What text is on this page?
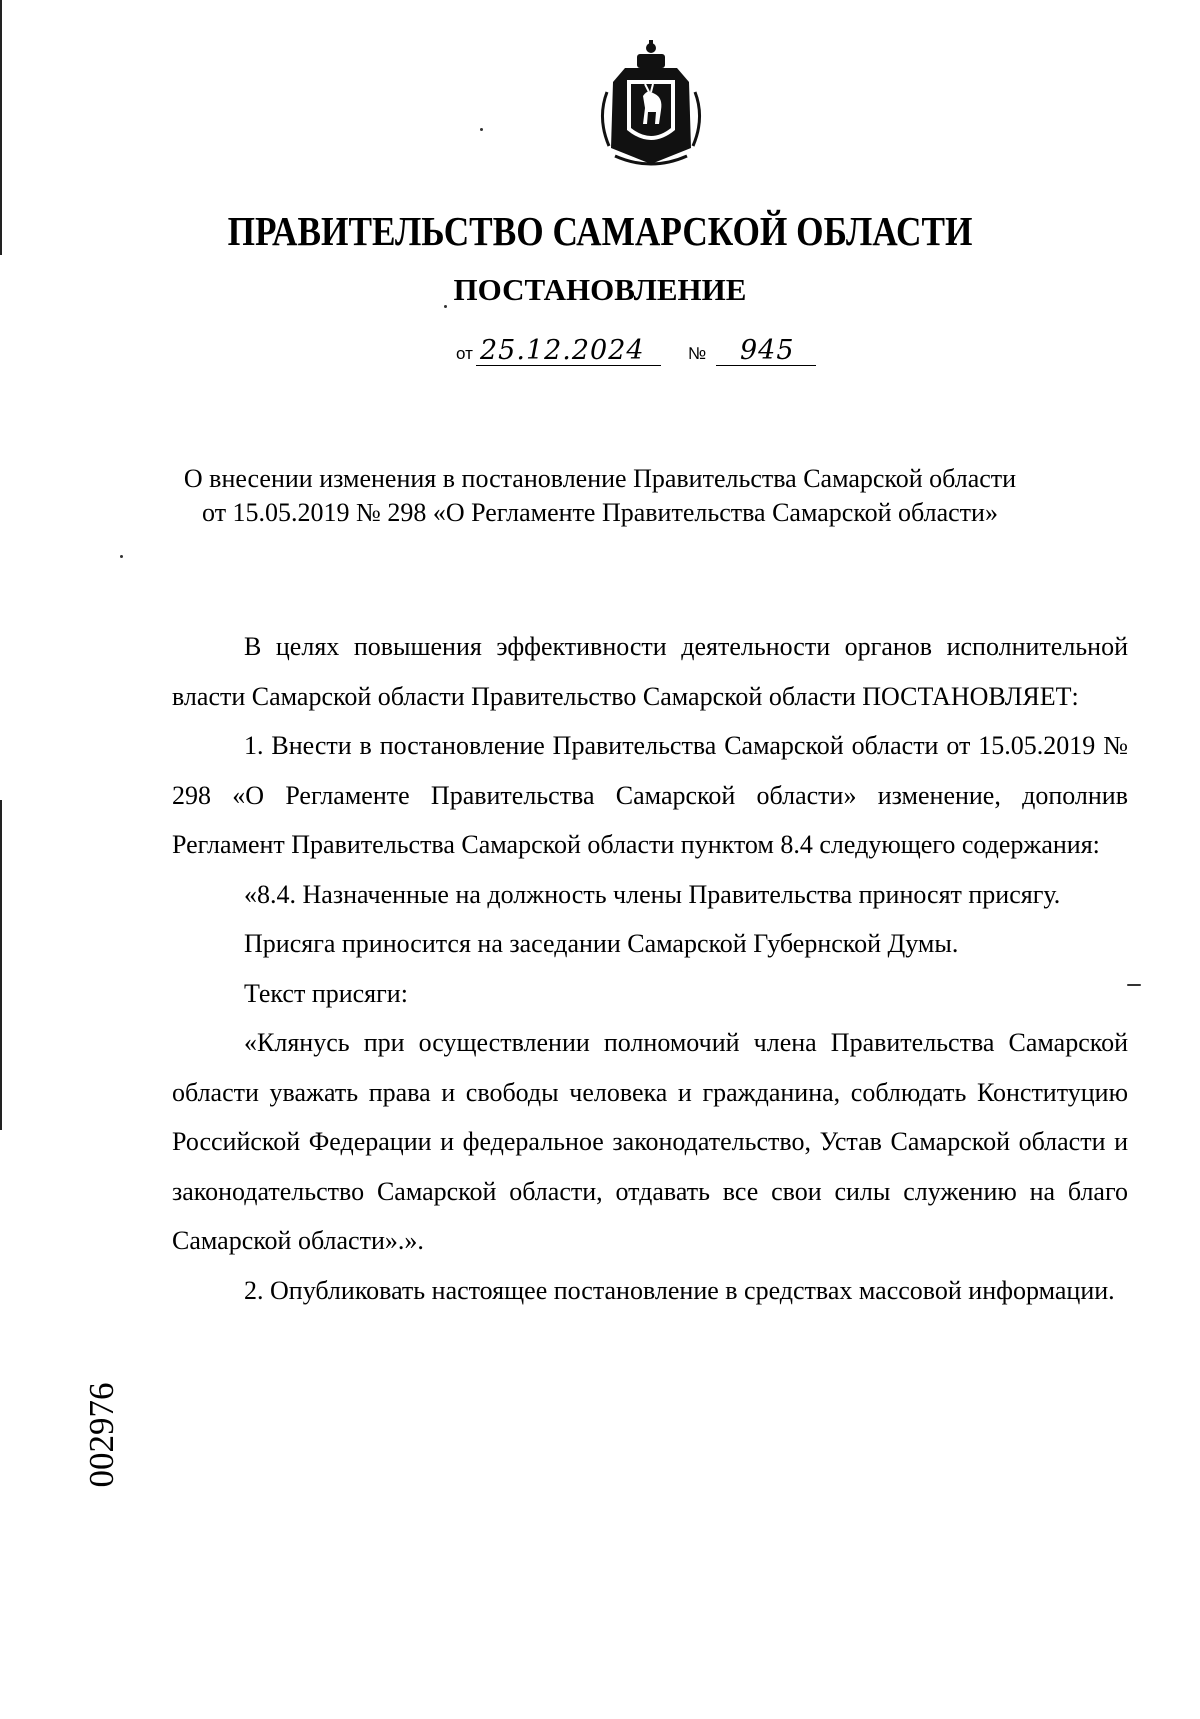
ПРАВИТЕЛЬСТВО САМАРСКОЙ ОБЛАСТИ
ПОСТАНОВЛЕНИЕ
от 25.12.2024	№ 945
О внесении изменения в постановление Правительства Самарской области
от 15.05.2019 № 298 «О Регламенте Правительства Самарской области»

В целях повышения эффективности деятельности органов исполнительной власти Самарской области Правительство Самарской области ПОСТАНОВЛЯЕТ:

1. Внести в постановление Правительства Самарской области от 15.05.2019 № 298 «О Регламенте Правительства Самарской области» изменение, дополнив Регламент Правительства Самарской области пунктом 8.4 следующего содержания:

«8.4. Назначенные на должность члены Правительства приносят присягу.

Присяга приносится на заседании Самарской Губернской Думы.

Текст присяги:

«Клянусь при осуществлении полномочий члена Правительства Самарской области уважать права и свободы человека и гражданина, соблюдать Конституцию Российской Федерации и федеральное законодательство, Устав Самарской области и законодательство Самарской области, отдавать все свои силы служению на благо Самарской области».».

2. Опубликовать настоящее постановление в средствах массовой информации.

002976
